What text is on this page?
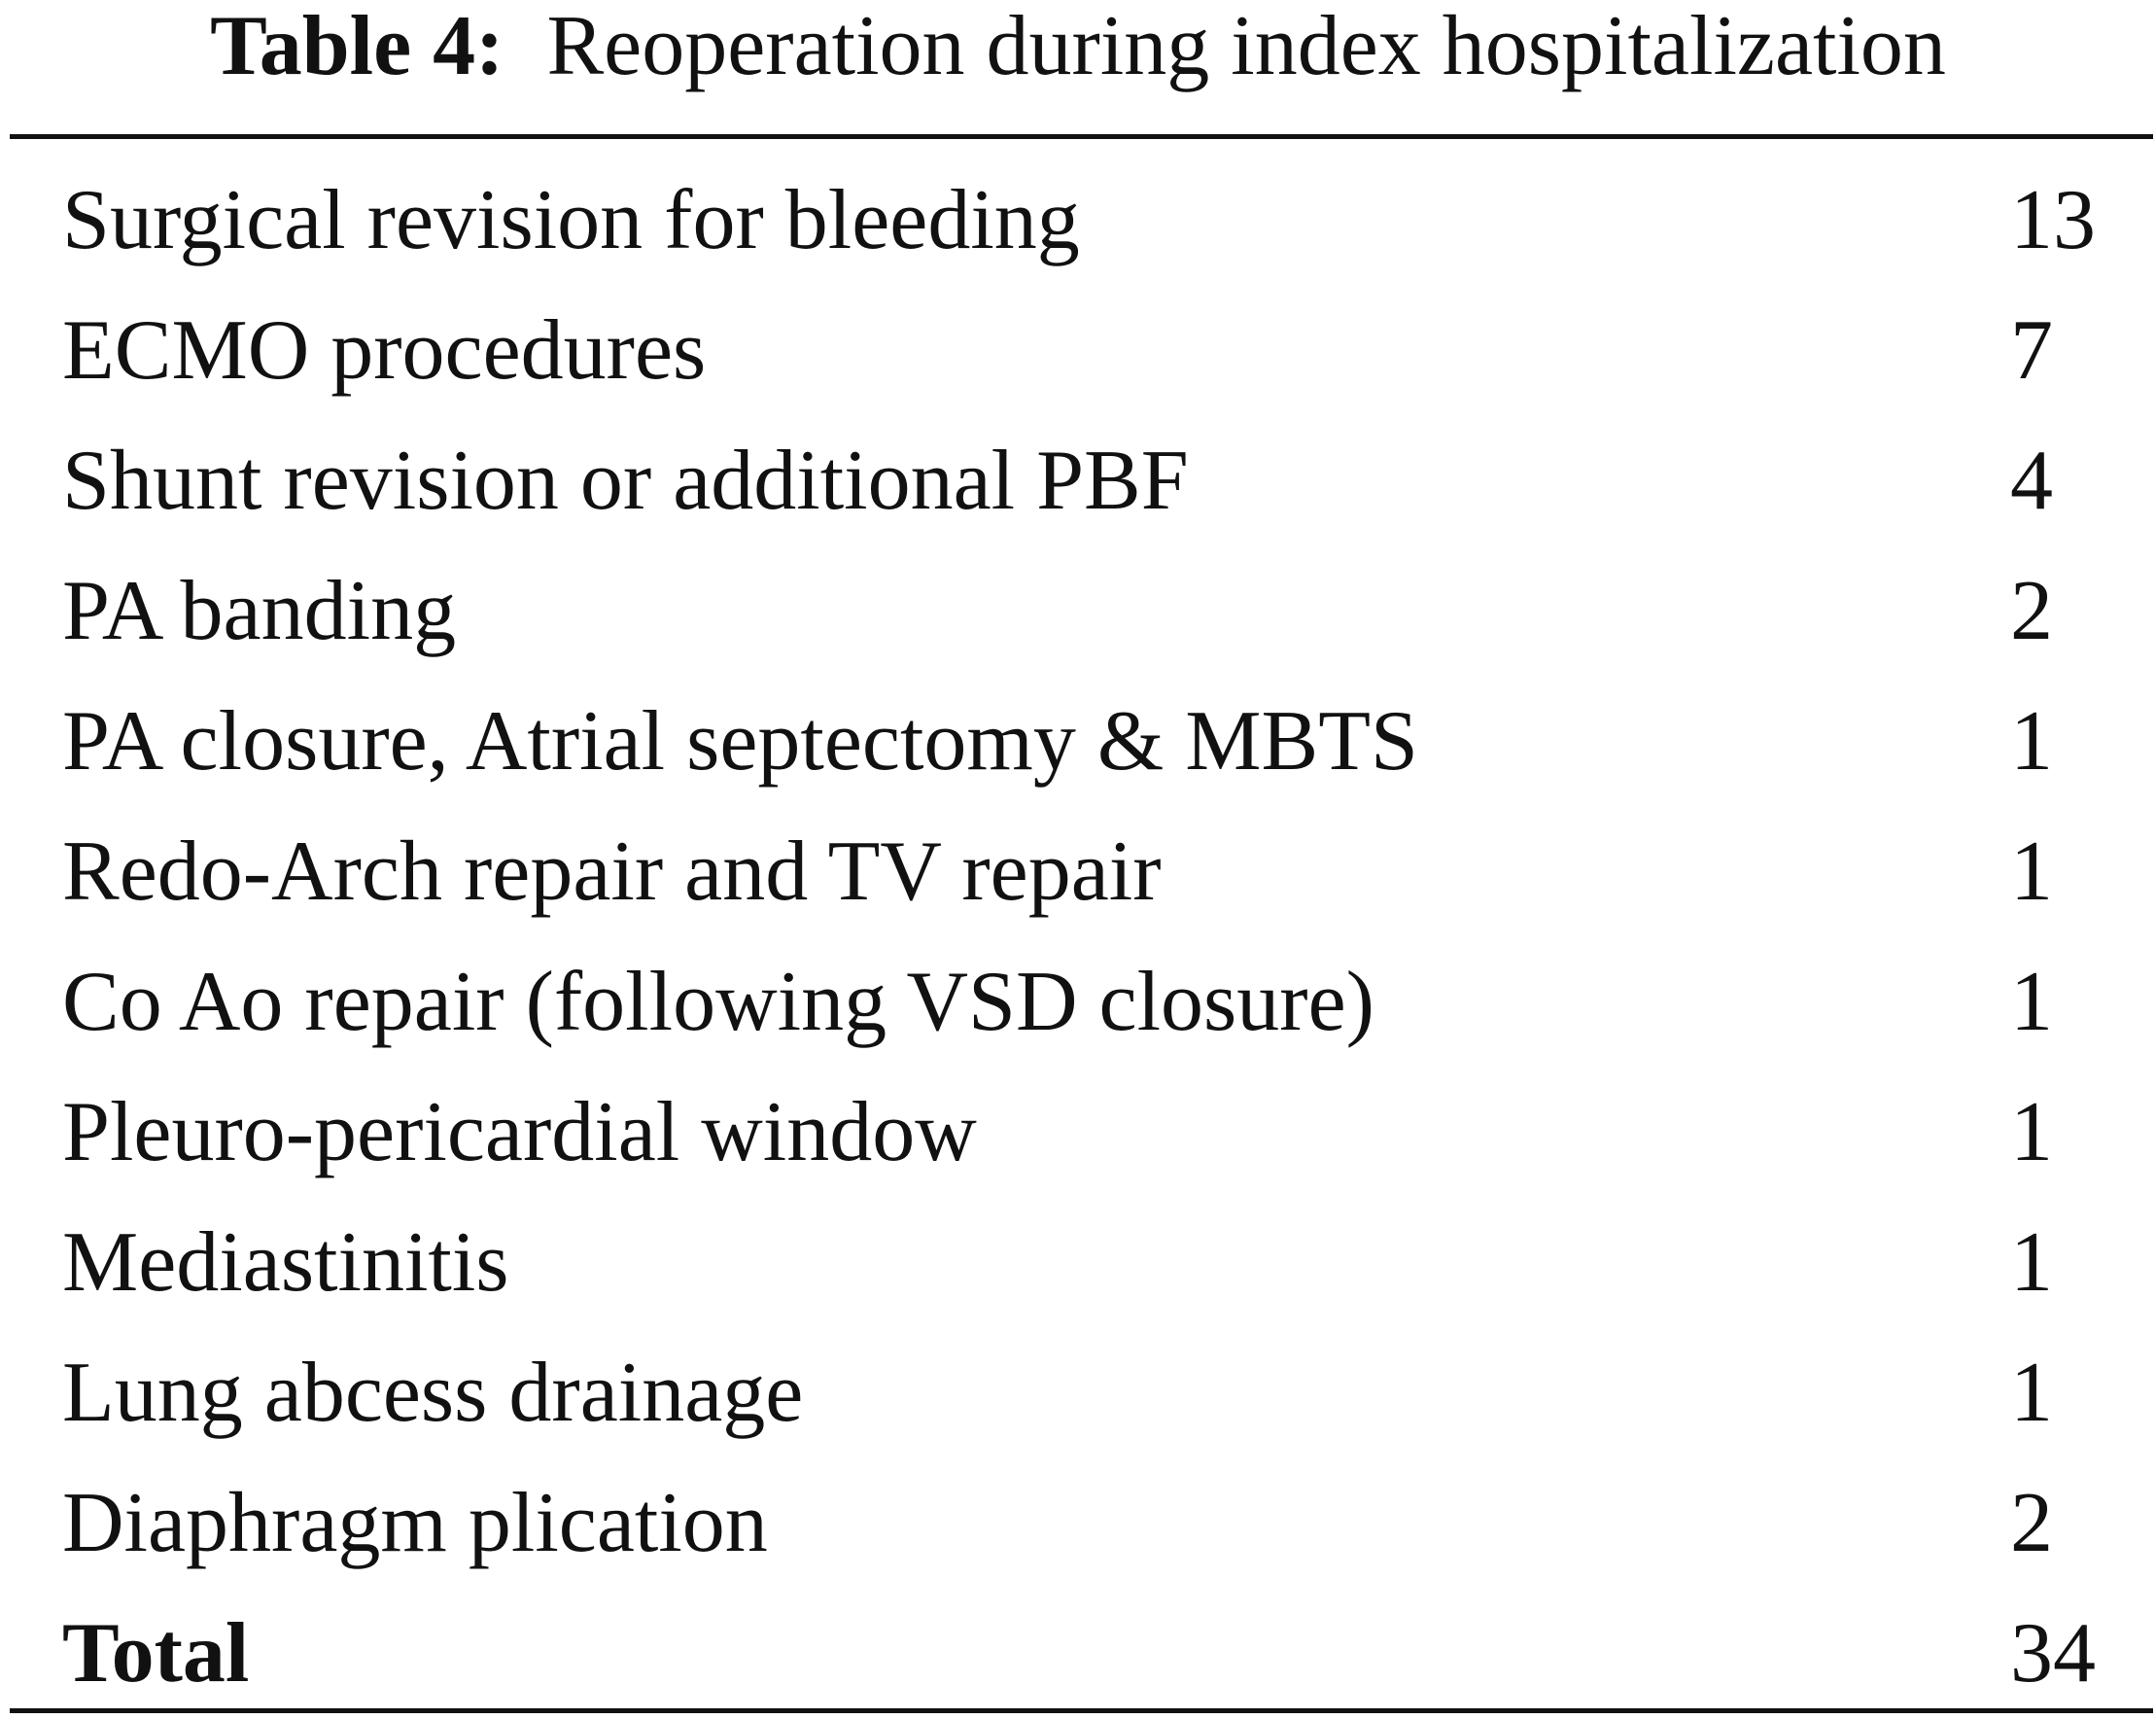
Table 4: Reoperation during index hospitalization
Surgical revision for bleeding	13
ECMO procedures	7
Shunt revision or additional PBF	4
PA banding	2
PA closure, Atrial septectomy & MBTS	1
Redo-Arch repair and TV repair	1
Co Ao repair (following VSD closure)	1
Pleuro-pericardial window	1
Mediastinitis	1
Lung abcess drainage	1
Diaphragm plication	2
Total	34
